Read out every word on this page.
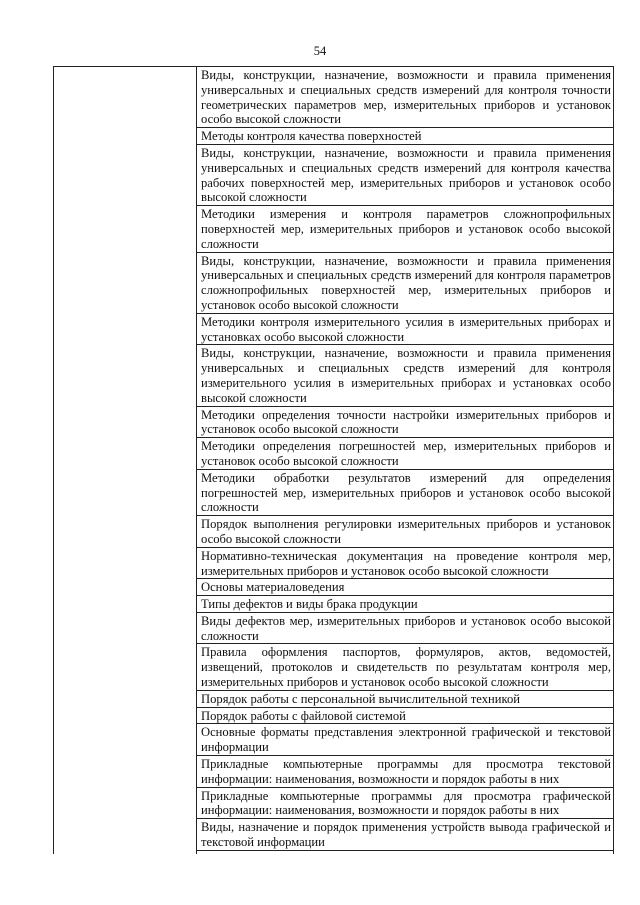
54

Виды, конструкции, назначение, возможности и правила применения универсальных и специальных средств измерений для контроля точности геометрических параметров мер, измерительных приборов и установок особо высокой сложности

Методы контроля качества поверхностей

Виды, конструкции, назначение, возможности и правила применения универсальных и специальных средств измерений для контроля качества рабочих поверхностей мер, измерительных приборов и установок особо высокой сложности

Методики измерения и контроля параметров сложнопрофильных поверхностей мер, измерительных приборов и установок особо высокой сложности

Виды, конструкции, назначение, возможности и правила применения универсальных и специальных средств измерений для контроля параметров сложнопрофильных поверхностей мер, измерительных приборов и установок особо высокой сложности

Методики контроля измерительного усилия в измерительных приборах и установках особо высокой сложности

Виды, конструкции, назначение, возможности и правила применения универсальных и специальных средств измерений для контроля измерительного усилия в измерительных приборах и установках особо высокой сложности

Методики определения точности настройки измерительных приборов и установок особо высокой сложности

Методики определения погрешностей мер, измерительных приборов и установок особо высокой сложности

Методики обработки результатов измерений для определения погрешностей мер, измерительных приборов и установок особо высокой сложности

Порядок выполнения регулировки измерительных приборов и установок особо высокой сложности

Нормативно-техническая документация на проведение контроля мер, измерительных приборов и установок особо высокой сложности

Основы материаловедения

Типы дефектов и виды брака продукции

Виды дефектов мер, измерительных приборов и установок особо высокой сложности

Правила оформления паспортов, формуляров, актов, ведомостей, извещений, протоколов и свидетельств по результатам контроля мер, измерительных приборов и установок особо высокой сложности

Порядок работы с персональной вычислительной техникой

Порядок работы с файловой системой

Основные форматы представления электронной графической и текстовой информации

Прикладные компьютерные программы для просмотра текстовой информации: наименования, возможности и порядок работы в них

Прикладные компьютерные программы для просмотра графической информации: наименования, возможности и порядок работы в них

Виды, назначение и порядок применения устройств вывода графической и текстовой информации
